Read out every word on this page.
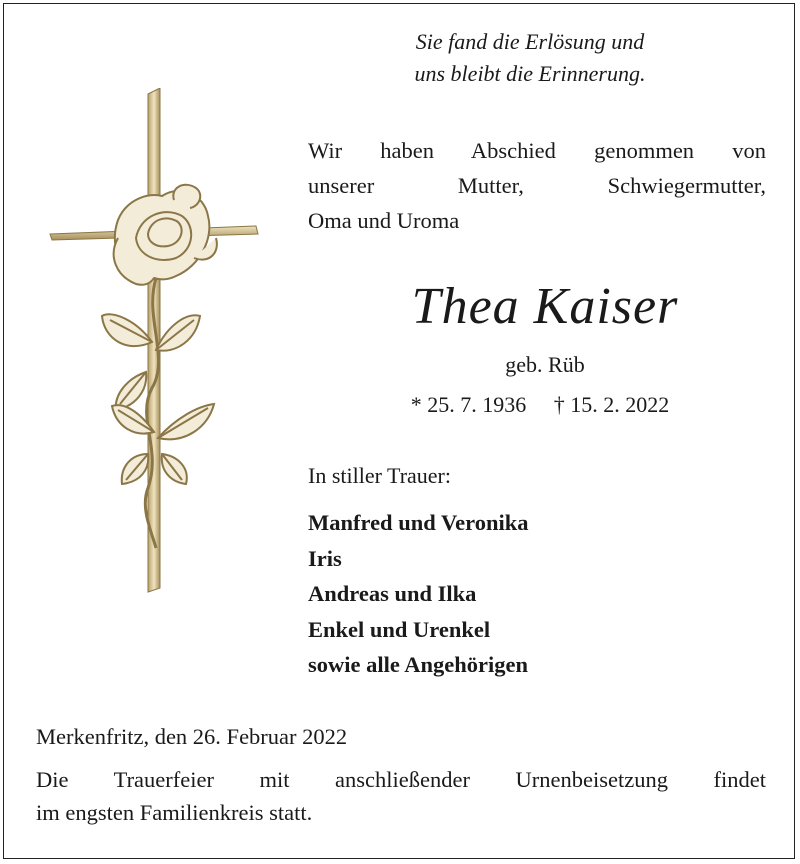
Sie fand die Erlösung und
uns bleibt die Erinnerung.
Wir haben Abschied genommen von
unserer Mutter, Schwiegermutter,
Oma und Uroma
Thea Kaiser
geb. Rüb
* 25. 7. 1936 † 15. 2. 2022
In stiller Trauer:
Manfred und Veronika
Iris
Andreas und Ilka
Enkel und Urenkel
sowie alle Angehörigen
Merkenfritz, den 26. Februar 2022
Die Trauerfeier mit anschließender Urnenbeisetzung findet
im engsten Familienkreis statt.
